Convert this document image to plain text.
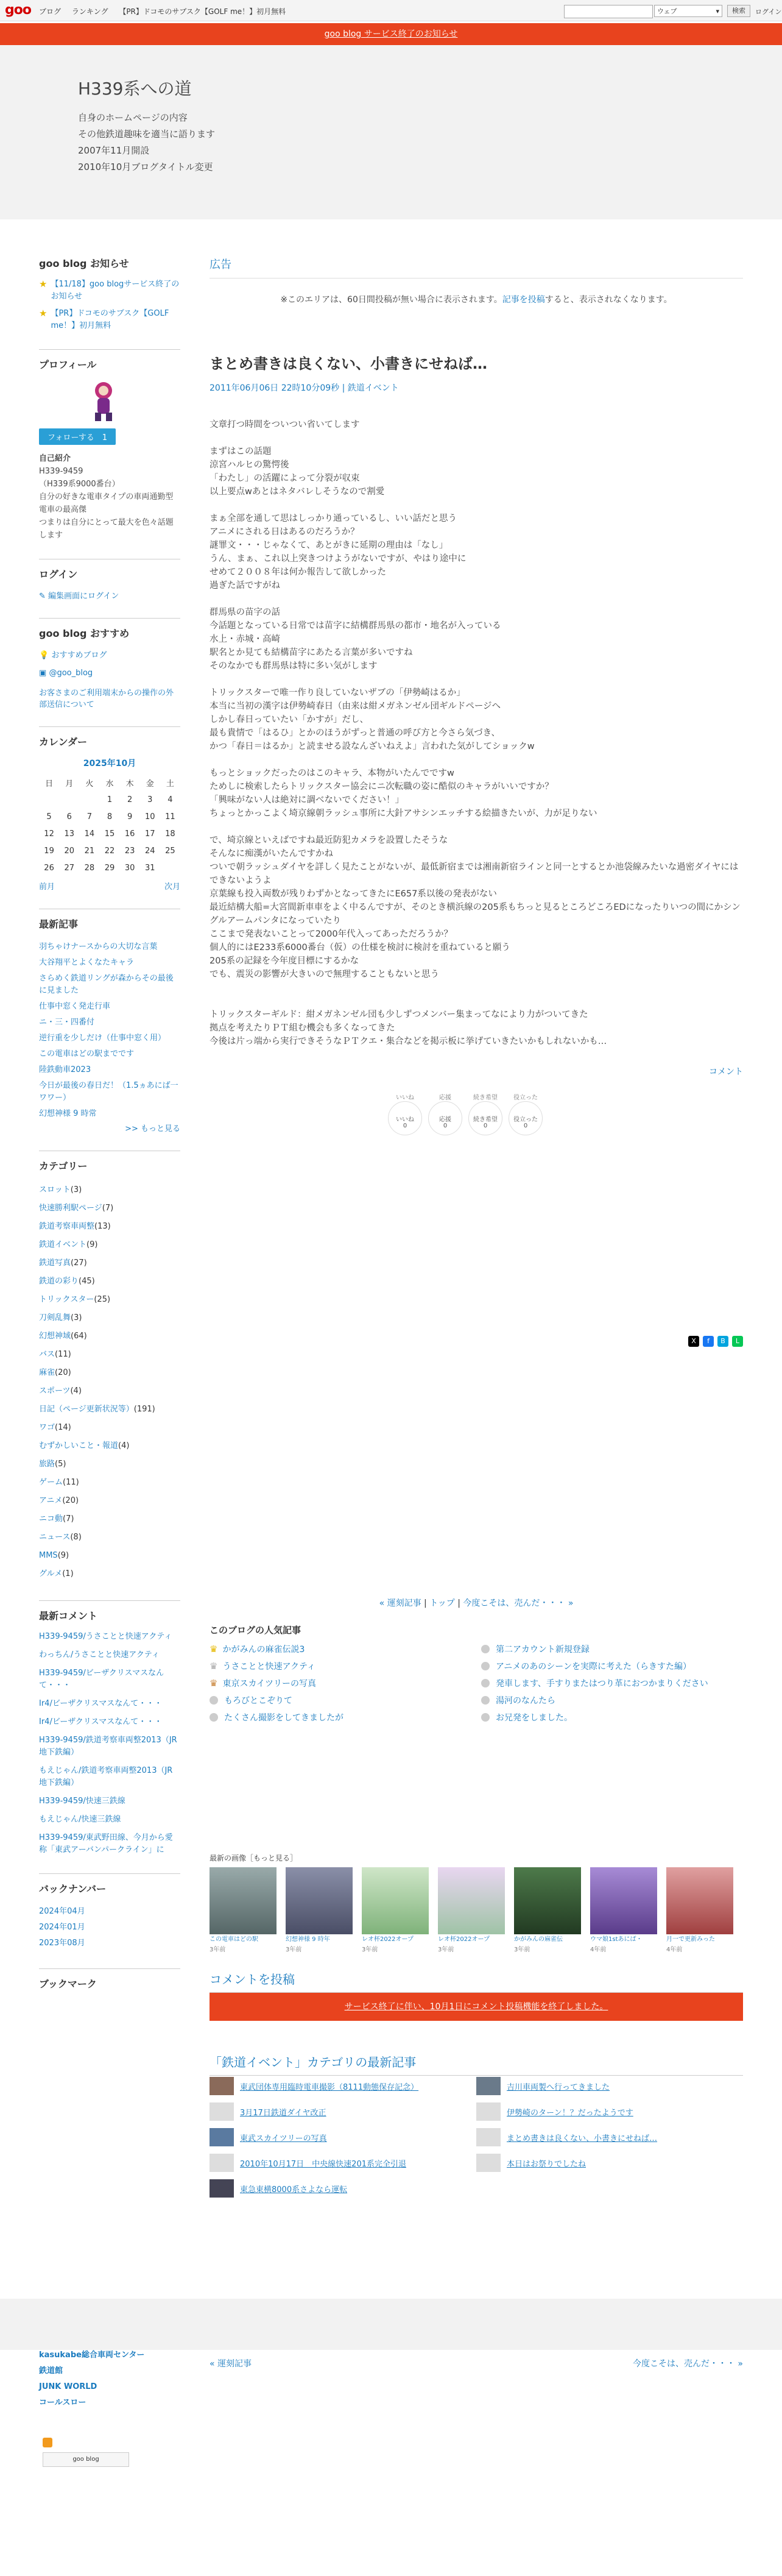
goo ブログ ランキング 【PR】ドコモのサブスク【GOLF me！】初月無料	ウェブ	▾	検索	ログイン
goo blog サービス終了のお知らせ
H339系への道
自身のホームページの内容
その他鉄道趣味を適当に語ります
2007年11月開設
2010年10月ブログタイトル変更
goo blog お知らせ
★ 【11/18】goo blogサービス終了のお知らせ
★ 【PR】ドコモのサブスク【GOLF me！】初月無料
プロフィール
フォローする　 1
自己紹介
H339-9459
（H339系9000番台）
自分の好きな電車タイプの車両通勤型電車の最高傑
つまりは自分にとって最大を色々話題します
ログイン
✎ 編集画面にログイン
goo blog おすすめ
💡 おすすめブログ
▣ @goo_blog
お客さまのご利用端末からの操作の外部送信について
カレンダー
2025年10月
日	月	火	水	木	金	土
			1	2	3	4
5	6	7	8	9	10	11
12	13	14	15	16	17	18
19	20	21	22	23	24	25
26	27	28	29	30	31	
前月	次月
最新記事
羽ちゃけナースからの大切な言葉
大谷翔平とよくなたキャラ
さらめく鉄道リングが森からその最後に見ました
仕事中窓く発走行車
ニ・三・四番付
逆行重を少しだけ（仕事中窓く用）
この電車はどの駅までです
陸鉄動車2023
今日が最後の春日だ！（1.5ヵあにば一ワワー）
幻想神様 9 時常
>> もっと見る
カテゴリー
スロット(3)
快速勝利駅ページ(7)
鉄道考察車両整(13)
鉄道イベント(9)
鉄道写真(27)
鉄道の彩り(45)
トリックスター(25)
刀剣乱舞(3)
幻想神域(64)
バス(11)
麻雀(20)
スポーツ(4)
日記（ページ更新状況等）(191)
ワゴ(14)
むずかしいこと・報道(4)
旅路(5)
ゲーム(11)
アニメ(20)
ニコ動(7)
ニュース(8)
MMS(9)
グルメ(1)
最新コメント
H339-9459/うさことと快速アクティ
わっちん/うさことと快速アクティ
H339-9459/ビーザクリスマスなんて・・・
Ir4/ビーザクリスマスなんて・・・
Ir4/ビーザクリスマスなんて・・・
H339-9459/鉄道考察車両整2013（JR地下鉄編）
もえじゃん/鉄道考察車両整2013（JR地下鉄編）
H339-9459/快速三鉄線
もえじゃん/快速三鉄線
H339-9459/東武野田線、今月から愛称「東武アーバンパークライン」に
バックナンバー
2024年04月
2024年01月
2023年08月
ブックマーク
広告
※このエリアは、60日間投稿が無い場合に表示されます。記事を投稿すると、表示されなくなります。
まとめ書きは良くない、小書きにせねば…
2011年06月06日 22時10分09秒 | 鉄道イベント
文章打つ時間をついつい省いてします

まずはこの話題
涼宮ハルヒの驚愕後
「わたし」の活躍によって分裂が収束
以上要点wあとはネタバレしそうなので割愛

まぁ全部を通して思はしっかり通っているし、いい話だと思う
アニメにされる日はあるのだろうか？
謎罪文・・・じゃなくて、あとがきに延期の理由は「なし」
うん、まぁ、これ以上突きつけようがないですが、やはり途中に
せめて２００８年は何か報告して欲しかった
過ぎた話ですがね

群馬県の苗字の話
今話題となっている日常では苗字に結構群馬県の都市・地名が入っている
水上・赤城・高崎
駅名とか見ても結構苗字にあたる言葉が多いですね
そのなかでも群馬県は特に多い気がします

トリックスターで唯一作り良していないザブの「伊勢崎はるか」
本当に当初の漢字は伊勢崎春日（由来は紺メガネンゼル団ギルドページへ
しかし春日っていたい「かすが」だし、
最も貴情で「はるひ」とかのほうがずっと普通の呼び方と今さら気づき、
かつ「春日＝はるか」と読ませる設なんざいねえよ」言われた気がしてショックw

もっとショックだったのはこのキャラ、本物がいたんでですw
ためしに検索したらトリックスター協会にニ次転職の姿に酷似のキャラがいいですか？
「興味がない人は絶対に調べないでください！」
ちょっとかっこよく埼京線朝ラッシュ事所に大針アサシンエッチする絵描きたいが、力が足りない

で、埼京線といえばですね最近防犯カメラを設置したそうな
そんなに痴漢がいたんですかね
ついで朝ラッシュダイヤを詳しく見たことがないが、最低新宿までは湘南新宿ラインと同一とするとか池袋線みたいな過密ダイヤにはできないようよ
京葉線も投入両数が残りわずかとなってきたにE657系以後の発表がない
最近結構大船=大宮間新車車をよく中るんですが、そのとき横浜線の205系もちっと見るところどころEDになったりいつの間にかシングルアームパンタになっていたり
ここまで発表ないことって2000年代入ってあっただろうか？
個人的にはE233系6000番台（仮）の仕様を検討に検討を重ねていると願う
205系の記録を今年度目標にするかな
でも、震災の影響が大きいので無理することもないと思う

トリックスターギルド：紺メガネンゼル団も少しずつメンバー集まってなにより力がついてきた
拠点を考えたりＰＴ組む機会も多くなってきた
今後は片っ端から実行できそうなＰＴクエ・集合などを掲示板に挙げていきたいかもしれないかも…
コメント
いいね
いいね
0
応援
応援
0
続き希望
続き希望
0
役立った
役立った
0
X	f	B	L
« 運刻記事 | トップ | 今度こそは、売んだ・・・ »
このブログの人気記事
♛ かがみんの麻雀伝説3	第二アカウント新規登録
♛ うさことと快速アクティ	アニメのあのシーンを実際に考えた（らきすた編）
♛ 東京スカイツリーの写真	発車します、手すりまたはつり革におつかまりください
もろびとこぞりて	湯河のなんたら
たくさん撮影をしてきましたが	お兄発をしました。
最新の画像［もっと見る］
この電車はどの駅
3年前
幻想神様 9 時年
3年前
レオ杯2022オープ
3年前
レオ杯2022オープ
3年前
かがみんの麻雀伝
3年前
ウマ娘1stあにば・
4年前
月一で更新みった
4年前
コメントを投稿
サービス終了に伴い、10月1日にコメント投稿機能を終了しました。
「鉄道イベント」カテゴリの最新記事
東武団体専用臨時電車撮影（8111動態保存記念）	吉川車両製へ行ってきました
3月17日鉄道ダイヤ改正	伊勢崎のターン！？だったようです
東武スカイツリーの写真	まとめ書きは良くない、小書きにせねば…
2010年10月17日　中央線快速201系完全引退	本日はお祭りでしたね
東急東横8000系さよなら運転
kasukabe総合車両センター
鉄道館
JUNK WORLD
コールスロー
« 運刻記事	今度こそは、売んだ・・・ »
goo blog
